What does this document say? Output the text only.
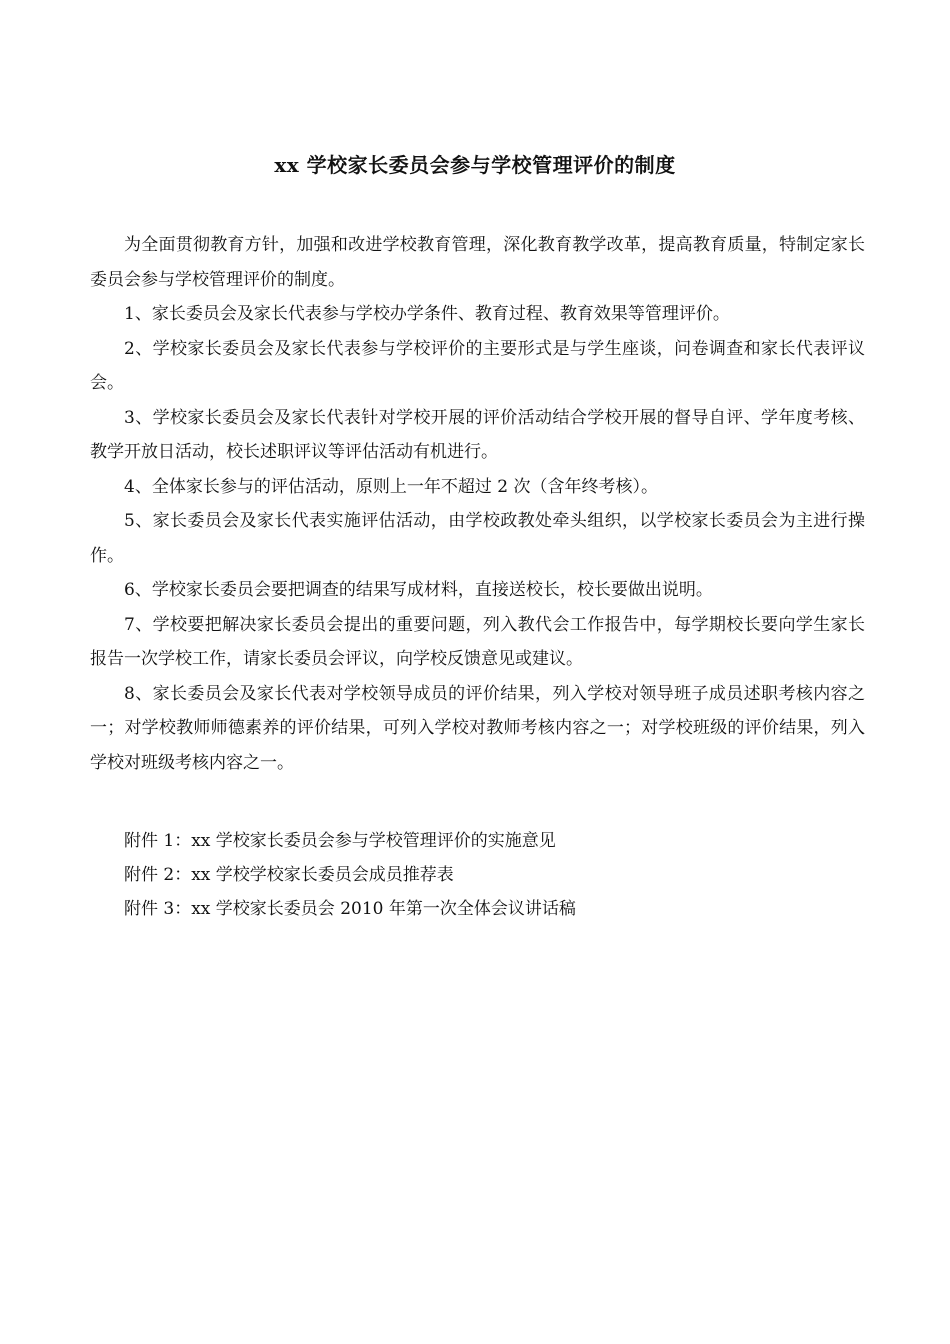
xx 学校家长委员会参与学校管理评价的制度

为全面贯彻教育方针，加强和改进学校教育管理，深化教育教学改革，提高教育质量，特制定家长委员会参与学校管理评价的制度。

1、家长委员会及家长代表参与学校办学条件、教育过程、教育效果等管理评价。

2、学校家长委员会及家长代表参与学校评价的主要形式是与学生座谈，问卷调查和家长代表评议会。

3、学校家长委员会及家长代表针对学校开展的评价活动结合学校开展的督导自评、学年度考核、教学开放日活动，校长述职评议等评估活动有机进行。

4、全体家长参与的评估活动，原则上一年不超过 2 次（含年终考核）。

5、家长委员会及家长代表实施评估活动，由学校政教处牵头组织，以学校家长委员会为主进行操作。

6、学校家长委员会要把调查的结果写成材料，直接送校长，校长要做出说明。

7、学校要把解决家长委员会提出的重要问题，列入教代会工作报告中，每学期校长要向学生家长报告一次学校工作，请家长委员会评议，向学校反馈意见或建议。

8、家长委员会及家长代表对学校领导成员的评价结果，列入学校对领导班子成员述职考核内容之一；对学校教师师德素养的评价结果，可列入学校对教师考核内容之一；对学校班级的评价结果，列入学校对班级考核内容之一。

附件 1：xx 学校家长委员会参与学校管理评价的实施意见

附件 2：xx 学校学校家长委员会成员推荐表

附件 3：xx 学校家长委员会 2010 年第一次全体会议讲话稿
